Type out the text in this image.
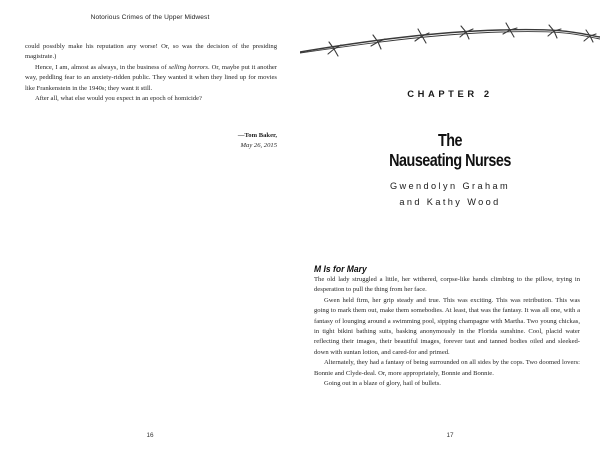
Notorious Crimes of the Upper Midwest

could possibly make his reputation any worse! Or, so was the decision of the presiding magistrate.)

Hence, I am, almost as always, in the business of selling horrors. Or, maybe put it another way, peddling fear to an anxiety-ridden public. They wanted it when they lined up for movies like Frankenstein in the 1940s; they want it still.

After all, what else would you expect in an epoch of homicide?

—Tom Baker,
May 26, 2015
16
CHAPTER 2
The
Nauseating Nurses
Gwendolyn Graham
and Kathy Wood
M Is for Mary

The old lady struggled a little, her withered, corpse-like hands climbing to the pillow, trying in desperation to pull the thing from her face.

Gwen held firm, her grip steady and true. This was exciting. This was retribution. This was going to mark them out, make them somebodies. At least, that was the fantasy. It was all one, with a fantasy of lounging around a swimming pool, sipping champagne with Martha. Two young chickas, in tight bikini bathing suits, basking anonymously in the Florida sunshine. Cool, placid water reflecting their images, their beautiful images, forever taut and tanned bodies oiled and sleeked-down with suntan lotion, and cared-for and primed.

Alternately, they had a fantasy of being surrounded on all sides by the cops. Two doomed lovers: Bonnie and Clyde-deal. Or, more appropriately, Bonnie and Bonnie.

Going out in a blaze of glory, hail of bullets.

17
